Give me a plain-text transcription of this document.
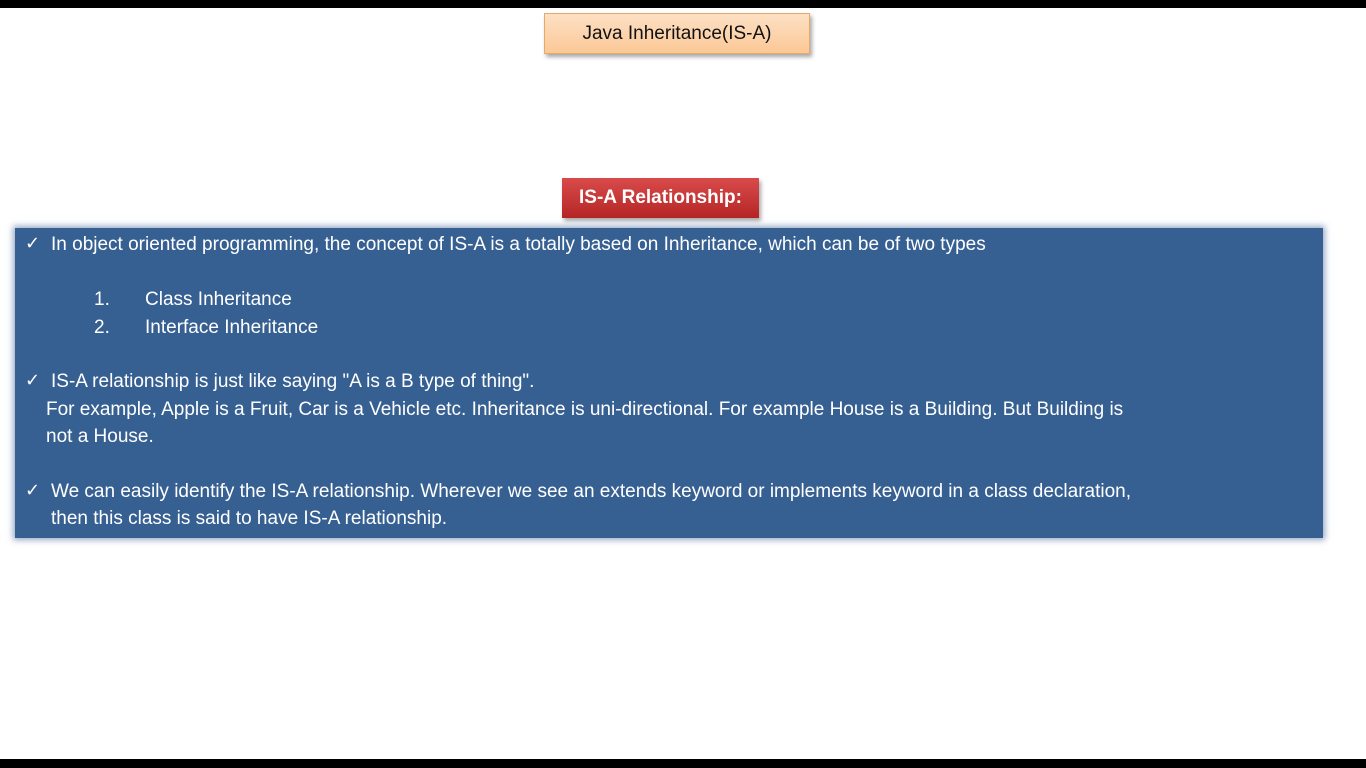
Java Inheritance(IS-A)
IS-A Relationship:
✓ In object oriented programming, the concept of IS-A is a totally based on Inheritance, which can be of two types
1. Class Inheritance
2. Interface Inheritance
✓ IS-A relationship is just like saying "A is a B type of thing".
For example, Apple is a Fruit, Car is a Vehicle etc. Inheritance is uni-directional. For example House is a Building. But Building is
not a House.
✓ We can easily identify the IS-A relationship. Wherever we see an extends keyword or implements keyword in a class declaration,
then this class is said to have IS-A relationship.
